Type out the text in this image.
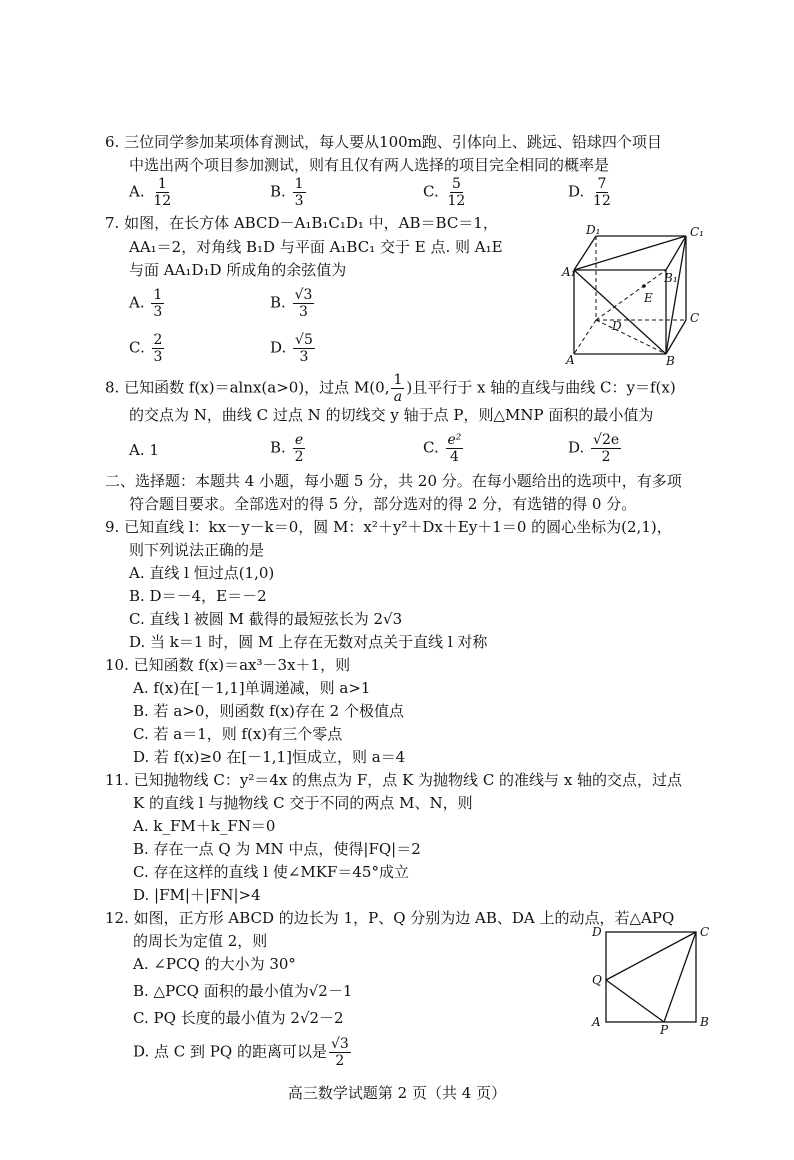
6. 三位同学参加某项体育测试，每人要从100m跑、引体向上、跳远、铅球四个项目
中选出两个项目参加测试，则有且仅有两人选择的项目完全相同的概率是
A. $\frac{1}{12}$	B. $\frac{1}{3}$	C. $\frac{5}{12}$	D. $\frac{7}{12}$
7. 如图，在长方体 ABCD－A₁B₁C₁D₁ 中，AB＝BC＝1，
AA₁＝2，对角线 B₁D 与平面 A₁BC₁ 交于 E 点. 则 A₁E
与面 AA₁D₁D 所成角的余弦值为
A. $\frac{1}{3}$	B. $\frac{√3}{3}$
C. $\frac{2}{3}$	D. $\frac{√5}{3}$
D₁	C₁
A₁	B₁
E
D
C
A	B
8. 已知函数 f(x)＝alnx(a>0)，过点 M(0, $\frac{1}{a}$ )且平行于 x 轴的直线与曲线 C：y＝f(x)
的交点为 N，曲线 C 过点 N 的切线交 y 轴于点 P，则△MNP 面积的最小值为
A. 1	B. $\frac{e}{2}$	C. $\frac{\text{e²}}{4}$	D. $\frac{√2e}{2}$
二、选择题：本题共 4 小题，每小题 5 分，共 20 分。在每小题给出的选项中，有多项
符合题目要求。全部选对的得 5 分，部分选对的得 2 分，有选错的得 0 分。
9. 已知直线 l：kx－y－k＝0，圆 M：x²＋y²＋Dx＋Ey＋1＝0 的圆心坐标为(2,1)，
则下列说法正确的是
A. 直线 l 恒过点(1,0)
B. D＝－4，E＝－2
C. 直线 l 被圆 M 截得的最短弦长为 2√3
D. 当 k＝1 时，圆 M 上存在无数对点关于直线 l 对称
10. 已知函数 f(x)＝ax³－3x＋1，则
A. f(x)在[－1,1]单调递减，则 a>1
B. 若 a>0，则函数 f(x)存在 2 个极值点
C. 若 a＝1，则 f(x)有三个零点
D. 若 f(x)≥0 在[－1,1]恒成立，则 a＝4
11. 已知抛物线 C：y²＝4x 的焦点为 F，点 K 为抛物线 C 的准线与 x 轴的交点，过点
K 的直线 l 与抛物线 C 交于不同的两点 M、N，则
A. k_FM＋k_FN＝0
B. 存在一点 Q 为 MN 中点，使得|FQ|＝2
C. 存在这样的直线 l 使∠MKF＝45°成立
D. |FM|＋|FN|>4
12. 如图，正方形 ABCD 的边长为 1，P、Q 分别为边 AB、DA 上的动点，若△APQ
的周长为定值 2，则
A. ∠PCQ 的大小为 30°
B. △PCQ 面积的最小值为√2－1
C. PQ 长度的最小值为 2√2－2
D. 点 C 到 PQ 的距离可以是 $\frac{√3}{2}$
D	C
Q
A
P
B
高三数学试题第 2 页（共 4 页）
